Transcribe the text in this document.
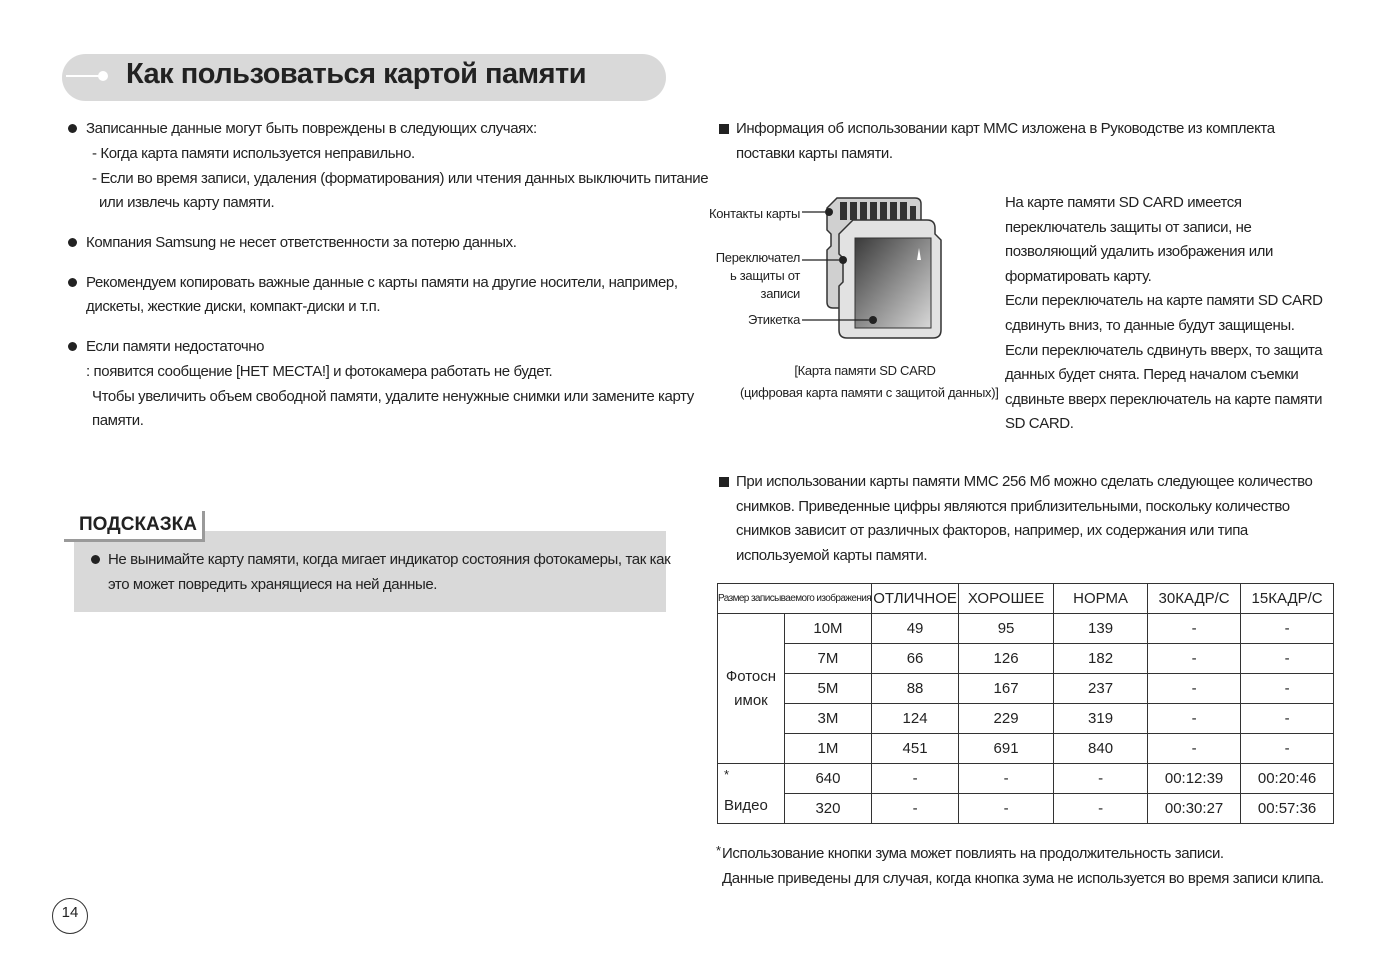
Как пользоваться картой памяти
Записанные данные могут быть повреждены в следующих случаях:
- Когда карта памяти используется неправильно.
- Если во время записи, удаления (форматирования) или чтения данных выключить питание
или извлечь карту памяти.
Компания Samsung не несет ответственности за потерю данных.
Рекомендуем копировать важные данные с карты памяти на другие носители, например,
дискеты, жесткие диски, компакт-диски и т.п.
Если памяти недостаточно
: появится сообщение [НЕТ МЕСТА!] и фотокамера работать не будет.
Чтобы увеличить объем свободной памяти, удалите ненужные снимки или замените карту
памяти.
ПОДСКАЗКА
Не вынимайте карту памяти, когда мигает индикатор состояния фотокамеры, так как
это может повредить хранящиеся на ней данные.
Информация об использовании карт MMC изложена в Руководстве из комплекта
поставки карты памяти.
Контакты карты
Переключател
ь защиты от
записи
Этикетка
[Карта памяти SD CARD
(цифровая карта памяти с защитой данных)]
На карте памяти SD CARD имеется
переключатель защиты от записи, не
позволяющий удалить изображения или
форматировать карту.
Если переключатель на карте памяти SD CARD
сдвинуть вниз, то данные будут защищены.
Если переключатель сдвинуть вверх, то защита
данных будет снята. Перед началом съемки
сдвиньте вверх переключатель на карте памяти
SD CARD.
При использовании карты памяти MMC 256 Мб можно сделать следующее количество
снимков. Приведенные цифры являются приблизительными, поскольку количество
снимков зависит от различных факторов, например, их содержания или типа
используемой карты памяти.
Размер записываемого изображения		ОТЛИЧНОЕ	ХОРОШЕЕ	НОРМА	30КАДР/С	15КАДР/С
Фотосн
имок	10M	49	95	139	-	-
	7M	66	126	182	-	-
	5M	88	167	237	-	-
	3M	124	229	319	-	-
	1M	451	691	840	-	-
*
Видео	640	-	-	-	00:12:39	00:20:46
	320	-	-	-	00:30:27	00:57:36
* Использование кнопки зума может повлиять на продолжительность записи.
Данные приведены для случая, когда кнопка зума не используется во время записи клипа.
14
